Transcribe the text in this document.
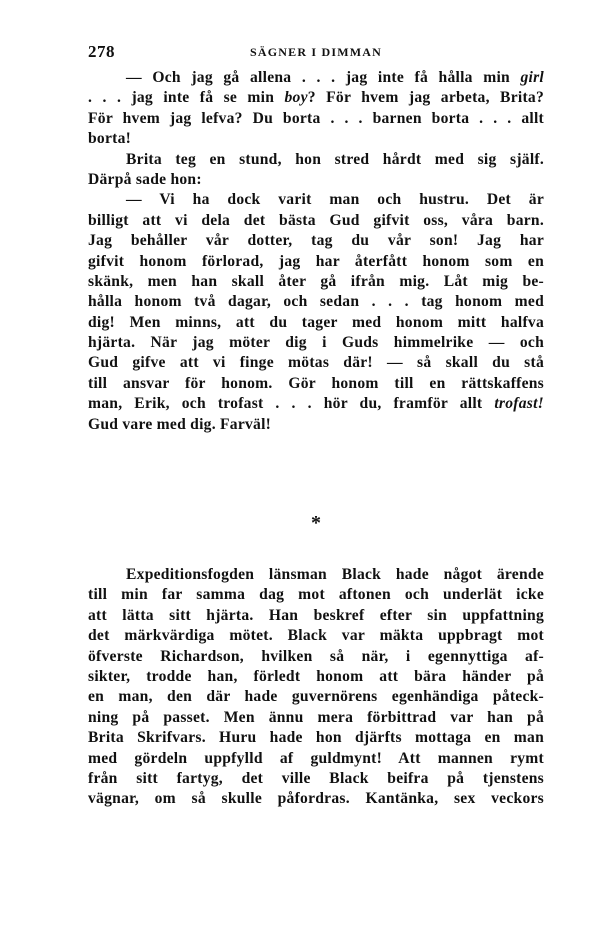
278	SÄGNER I DIMMAN
— Och jag gå allena . . . jag inte få hålla min girl
. . . jag inte få se min boy? För hvem jag arbeta, Brita?
För hvem jag lefva? Du borta . . . barnen borta . . . allt
borta!
Brita teg en stund, hon stred hårdt med sig själf.
Därpå sade hon:
— Vi ha dock varit man och hustru. Det är
billigt att vi dela det bästa Gud gifvit oss, våra barn.
Jag behåller vår dotter, tag du vår son! Jag har
gifvit honom förlorad, jag har återfått honom som en
skänk, men han skall åter gå ifrån mig. Låt mig be-
hålla honom två dagar, och sedan . . . tag honom med
dig! Men minns, att du tager med honom mitt halfva
hjärta. När jag möter dig i Guds himmelrike — och
Gud gifve att vi finge mötas där! — så skall du stå
till ansvar för honom. Gör honom till en rättskaffens
man, Erik, och trofast . . . hör du, framför allt trofast!
Gud vare med dig. Farväl!
*
Expeditionsfogden länsman Black hade något ärende
till min far samma dag mot aftonen och underlät icke
att lätta sitt hjärta. Han beskref efter sin uppfattning
det märkvärdiga mötet. Black var mäkta uppbragt mot
öfverste Richardson, hvilken så när, i egennyttiga af-
sikter, trodde han, förledt honom att bära händer på
en man, den där hade guvernörens egenhändiga påteck-
ning på passet. Men ännu mera förbittrad var han på
Brita Skrifvars. Huru hade hon djärfts mottaga en man
med gördeln uppfylld af guldmynt! Att mannen rymt
från sitt fartyg, det ville Black beifra på tjenstens
vägnar, om så skulle påfordras. Kantänka, sex veckors
